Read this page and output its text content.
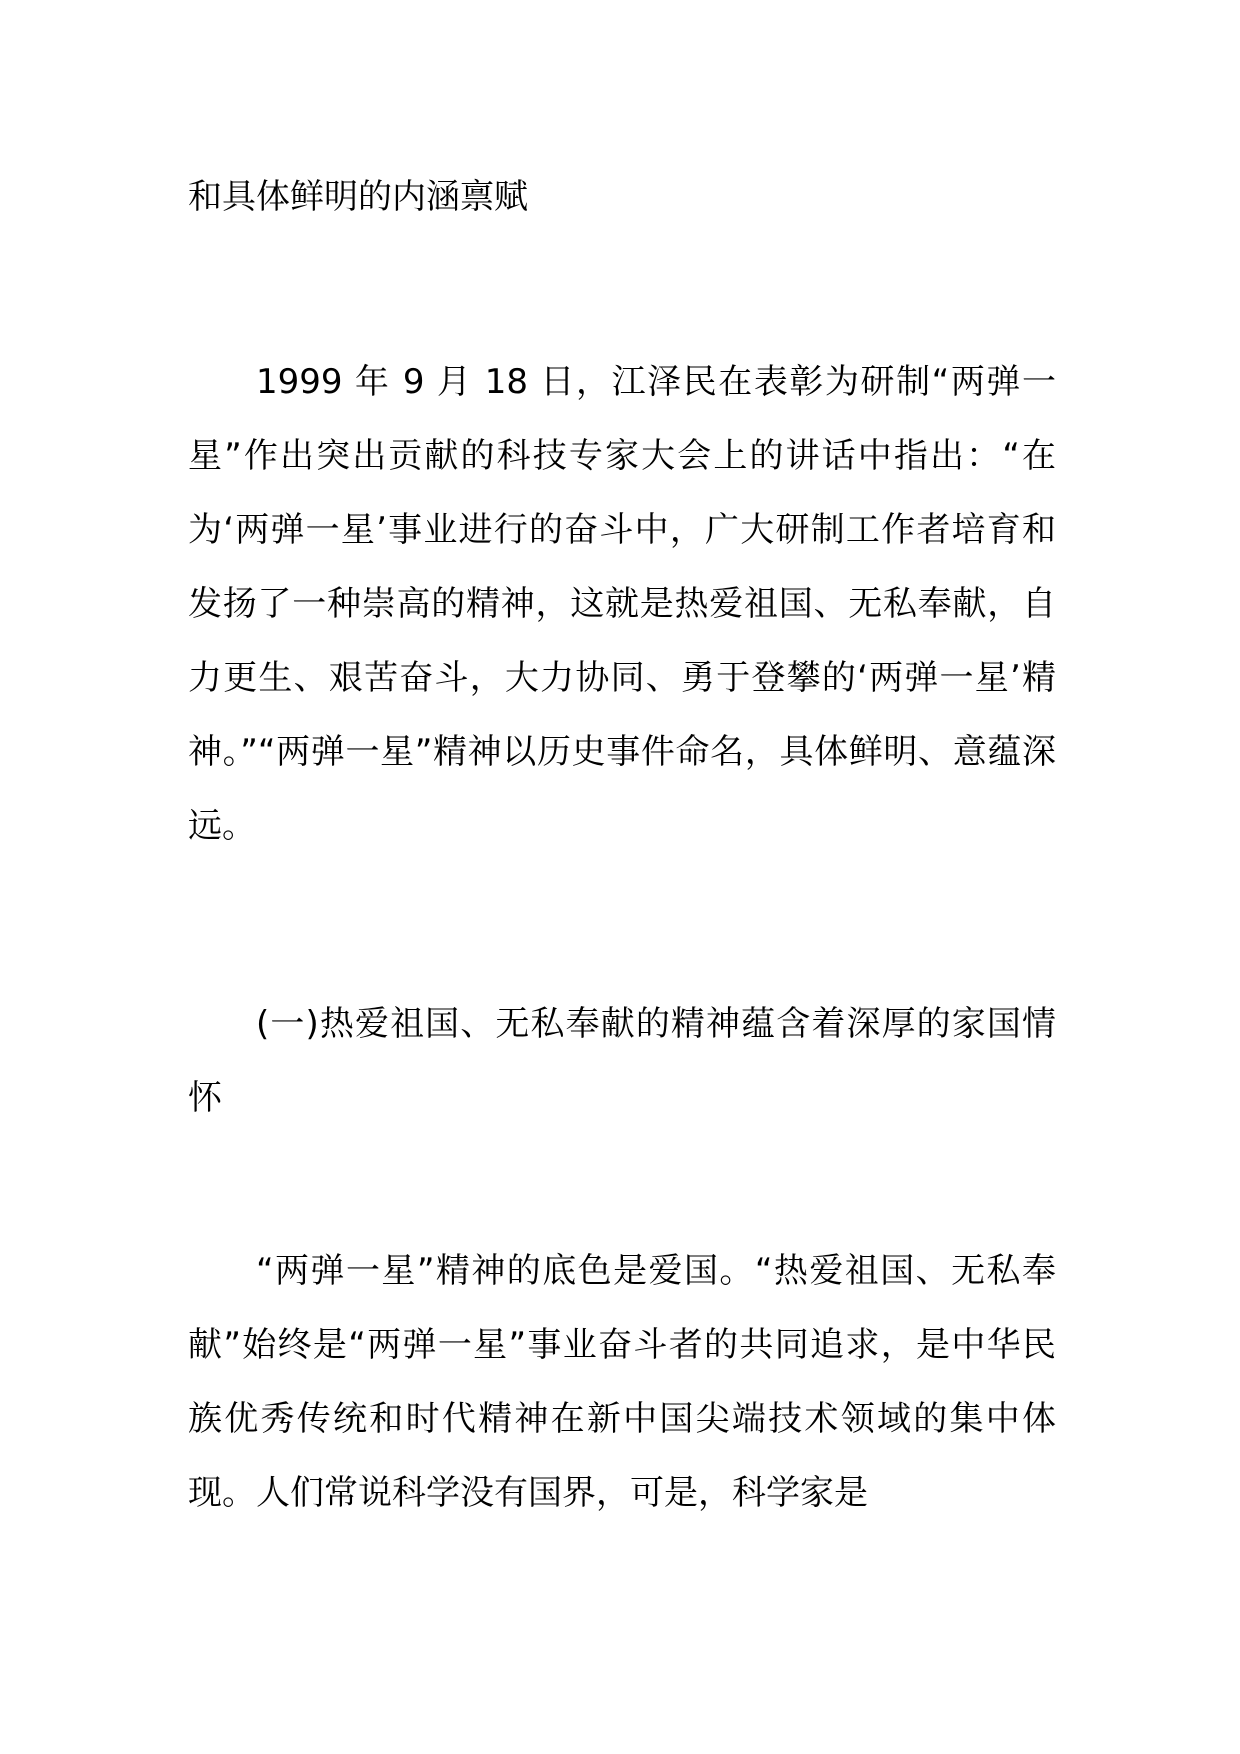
和具体鲜明的内涵禀赋

1999 年 9 月 18 日，江泽民在表彰为研制“两弹一星”作出突出贡献的科技专家大会上的讲话中指出：“在为‘两弹一星’事业进行的奋斗中，广大研制工作者培育和发扬了一种崇高的精神，这就是热爱祖国、无私奉献，自力更生、艰苦奋斗，大力协同、勇于登攀的‘两弹一星’精神。”“两弹一星”精神以历史事件命名，具体鲜明、意蕴深远。

(一)热爱祖国、无私奉献的精神蕴含着深厚的家国情怀

“两弹一星”精神的底色是爱国。“热爱祖国、无私奉献”始终是“两弹一星”事业奋斗者的共同追求，是中华民族优秀传统和时代精神在新中国尖端技术领域的集中体现。人们常说科学没有国界，可是，科学家是
